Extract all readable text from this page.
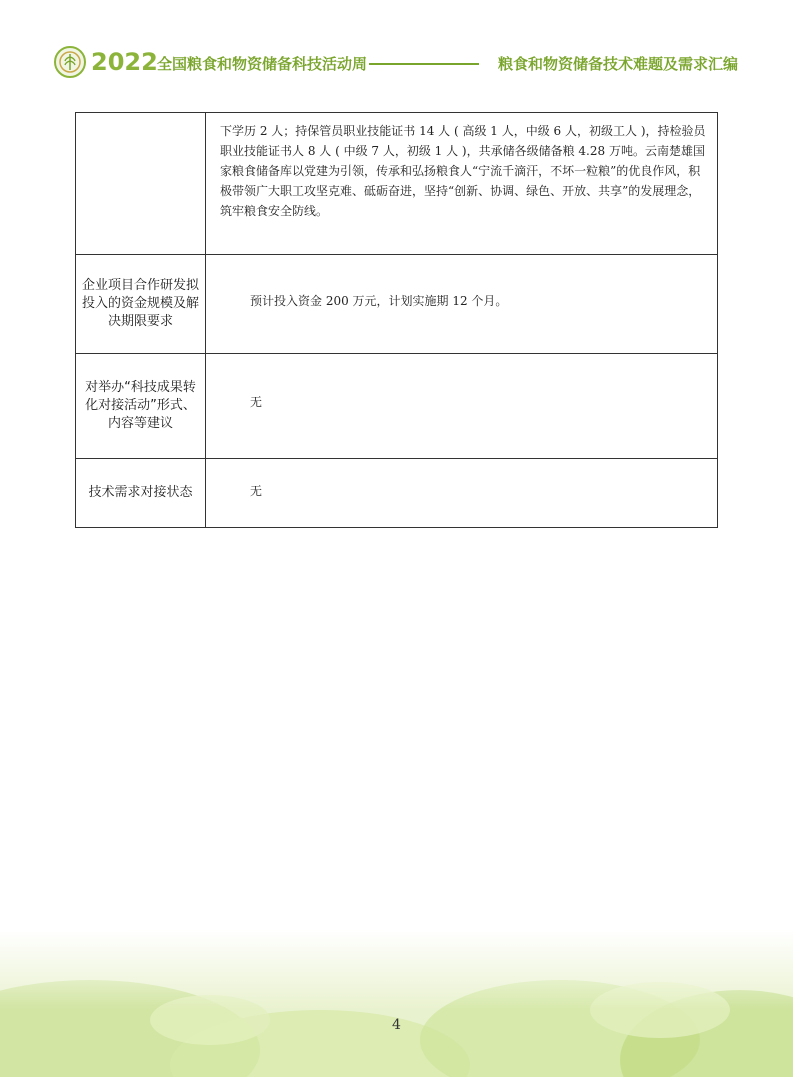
2022 全国粮食和物资储备科技活动周	粮食和物资储备技术难题及需求汇编
	下学历 2 人；持保管员职业技能证书 14 人 ( 高级 1 人，中级 6 人，初级工人 )，持检验员职业技能证书人 8 人 ( 中级 7 人，初级 1 人 )，共承储各级储备粮 4.28 万吨。云南楚雄国家粮食储备库以党建为引领，传承和弘扬粮食人“宁流千滴汗，不坏一粒粮”的优良作风，积极带领广大职工攻坚克难、砥砺奋进，坚持“创新、协调、绿色、开放、共享”的发展理念，筑牢粮食安全防线。
企业项目合作研发拟投入的资金规模及解决期限要求	预计投入资金 200 万元，计划实施期 12 个月。
对举办“科技成果转化对接活动”形式、内容等建议	无
技术需求对接状态	无
4
